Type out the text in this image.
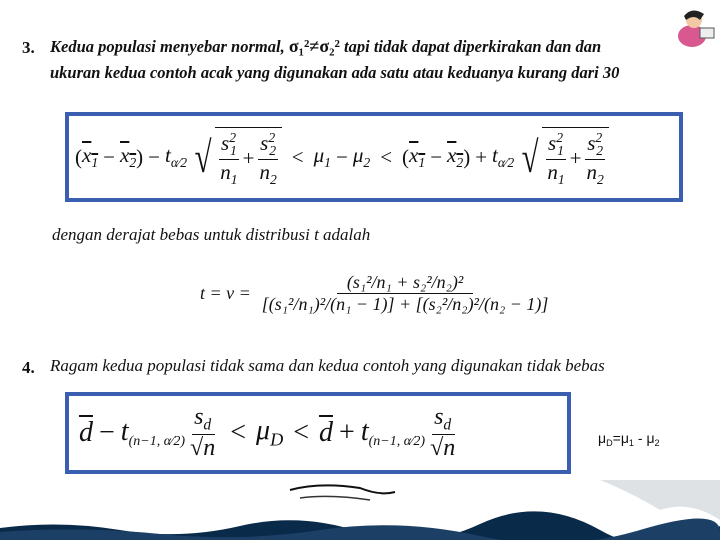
3. Kedua populasi menyebar normal, σ₁²≠σ₂² tapi tidak dapat diperkirakan dan dan
ukuran kedua contoh acak yang digunakan ada satu atau keduanya kurang dari 30
( $x_1 - x_2$ ) − $t_{\alpha⁄2}$ √ $\frac{s^2_1}{n_1} + \frac{s^2_2}{n_2} < \mu_1 - \mu_2$ < ( $x_1 - x_2$ ) + $t_{\alpha⁄2}$ √ $\frac{s^2_1}{n_1} + \frac{s^2_2}{n_2}$
dengan derajat bebas untuk distribusi t adalah
$t = v = \frac{\text{(s₁²/n₁ + s₂²/n₂)²}}{\text{[(s₁²/n₁)²/(n₁ − 1)] + [(s₂²/n₂)²/(n₂ − 1)]}}$
4. Ragam kedua populasi tidak sama dan kedua contoh yang digunakan tidak bebas
$\overline{d} - t_{(n-1, \alpha⁄2)} \frac{s_d}{√n} < \mu_D < \overline{d} + t_{(n-1, \alpha⁄2)} \frac{s_d}{√n}$	$\mu_D=\mu_1 - \mu_2$
